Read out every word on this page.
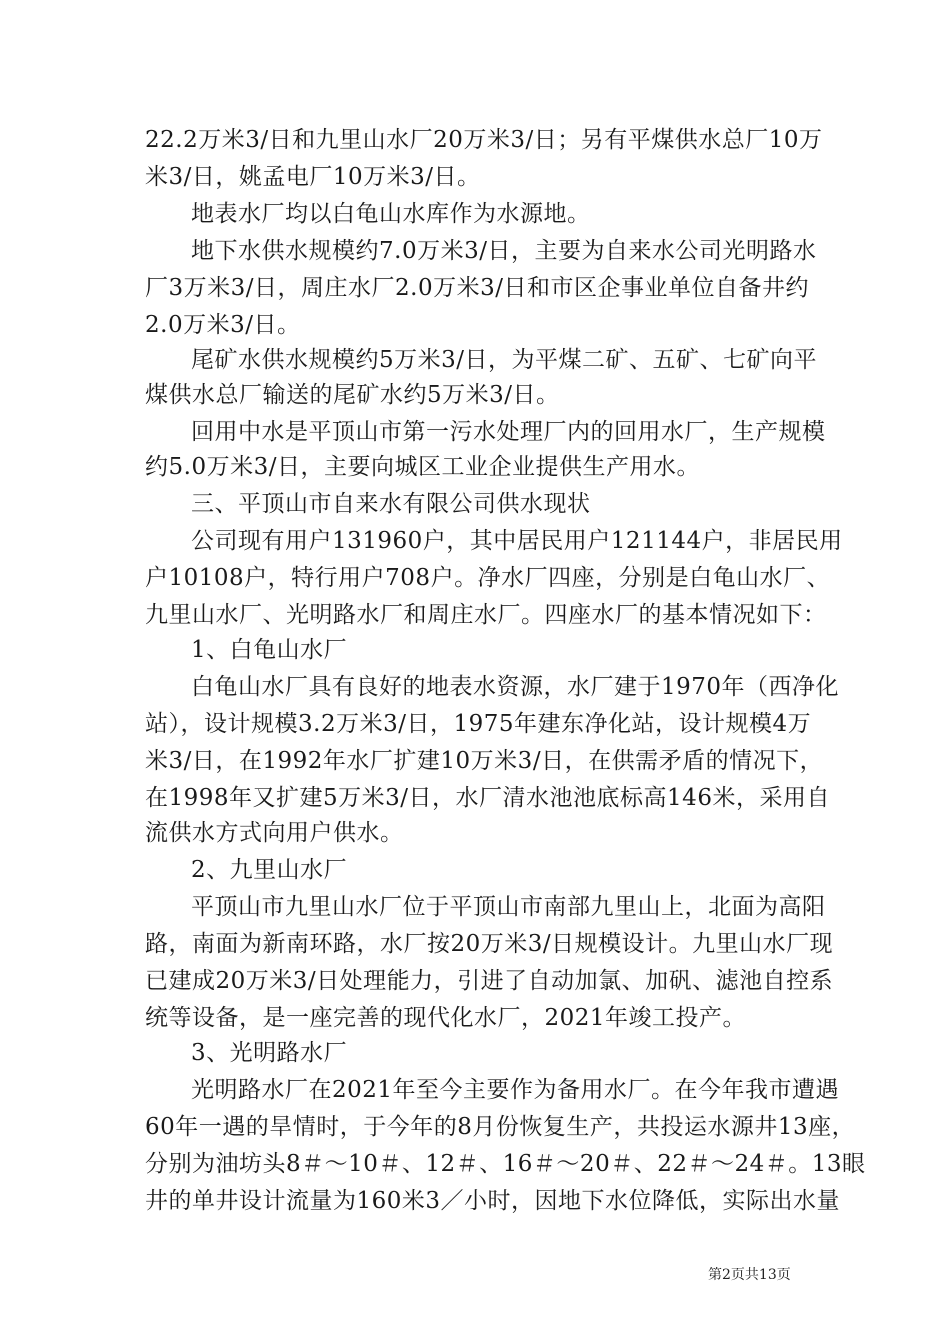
22.2万米3/日和九里山水厂20万米3/日；另有平煤供水总厂10万
米3/日，姚孟电厂10万米3/日。
地表水厂均以白龟山水库作为水源地。
地下水供水规模约7.0万米3/日，主要为自来水公司光明路水
厂3万米3/日，周庄水厂2.0万米3/日和市区企事业单位自备井约
2.0万米3/日。
尾矿水供水规模约5万米3/日，为平煤二矿、五矿、七矿向平
煤供水总厂输送的尾矿水约5万米3/日。
回用中水是平顶山市第一污水处理厂内的回用水厂，生产规模
约5.0万米3/日，主要向城区工业企业提供生产用水。
三、平顶山市自来水有限公司供水现状
公司现有用户131960户，其中居民用户121144户，非居民用
户10108户，特行用户708户。净水厂四座，分别是白龟山水厂、
九里山水厂、光明路水厂和周庄水厂。四座水厂的基本情况如下：
1、白龟山水厂
白龟山水厂具有良好的地表水资源，水厂建于1970年（西净化
站），设计规模3.2万米3/日，1975年建东净化站，设计规模4万
米3/日，在1992年水厂扩建10万米3/日，在供需矛盾的情况下，
在1998年又扩建5万米3/日，水厂清水池池底标高146米，采用自
流供水方式向用户供水。
2、九里山水厂
平顶山市九里山水厂位于平顶山市南部九里山上，北面为高阳
路，南面为新南环路，水厂按20万米3/日规模设计。九里山水厂现
已建成20万米3/日处理能力，引进了自动加氯、加矾、滤池自控系
统等设备，是一座完善的现代化水厂，2021年竣工投产。
3、光明路水厂
光明路水厂在2021年至今主要作为备用水厂。在今年我市遭遇
60年一遇的旱情时，于今年的8月份恢复生产，共投运水源井13座，
分别为油坊头8＃～10＃、12＃、16＃～20＃、22＃～24＃。13眼
井的单井设计流量为160米3／小时，因地下水位降低，实际出水量
第2页共13页
